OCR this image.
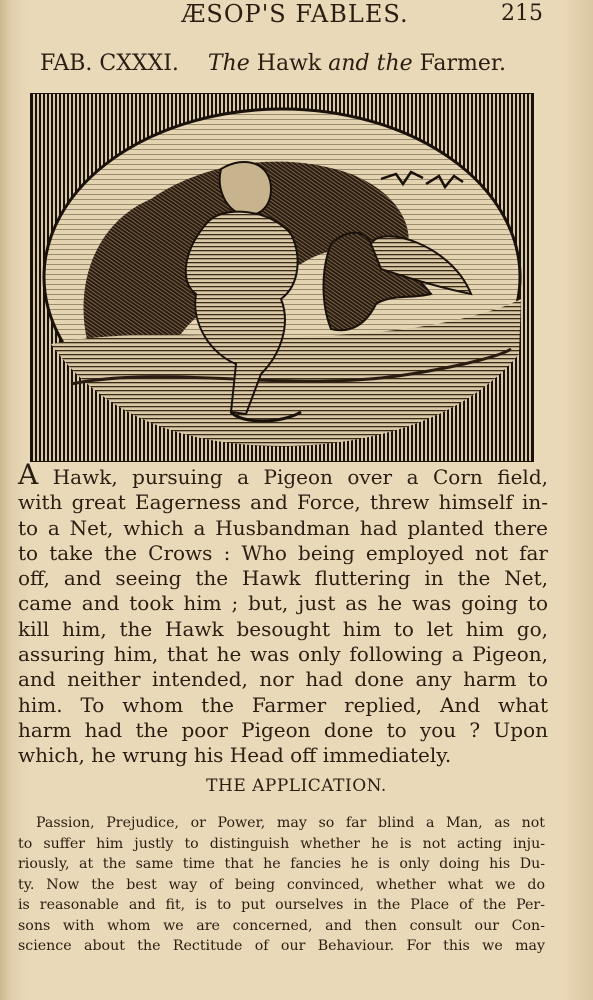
ÆSOP'S FABLES.	215
FAB. CXXXI. The Hawk and the Farmer.
A Hawk, pursuing a Pigeon over a Corn field,
with great Eagerness and Force, threw himself in-
to a Net, which a Husbandman had planted there
to take the Crows : Who being employed not far
off, and seeing the Hawk fluttering in the Net,
came and took him ; but, just as he was going to
kill him, the Hawk besought him to let him go,
assuring him, that he was only following a Pigeon,
and neither intended, nor had done any harm to
him. To whom the Farmer replied, And what
harm had the poor Pigeon done to you ? Upon
which, he wrung his Head off immediately.
THE APPLICATION.
Passion, Prejudice, or Power, may so far blind a Man, as not
to suffer him justly to distinguish whether he is not acting inju-
riously, at the same time that he fancies he is only doing his Du-
ty. Now the best way of being convinced, whether what we do
is reasonable and fit, is to put ourselves in the Place of the Per-
sons with whom we are concerned, and then consult our Con-
science about the Rectitude of our Behaviour. For this we may
